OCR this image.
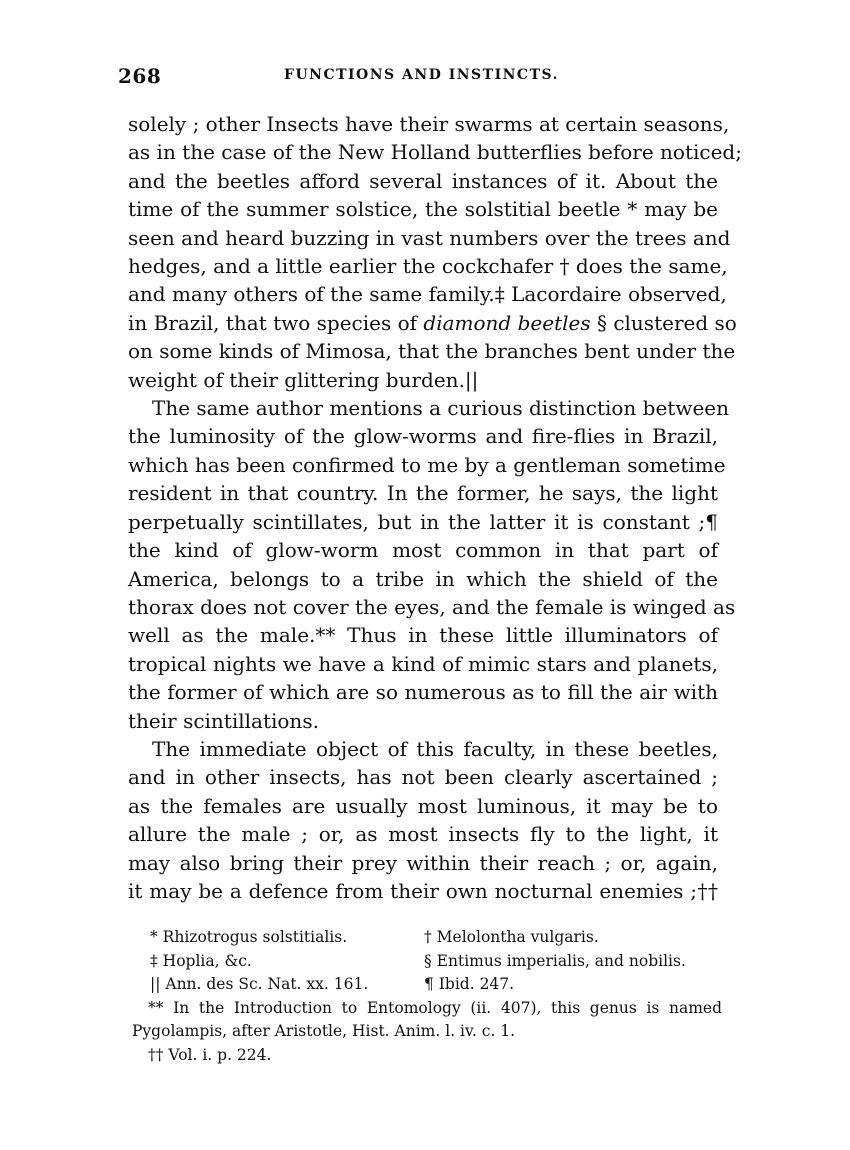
268	FUNCTIONS AND INSTINCTS.
solely ; other Insects have their swarms at certain seasons,
as in the case of the New Holland butterflies before noticed;
and the beetles afford several instances of it. About the
time of the summer solstice, the solstitial beetle * may be
seen and heard buzzing in vast numbers over the trees and
hedges, and a little earlier the cockchafer † does the same,
and many others of the same family.‡ Lacordaire observed,
in Brazil, that two species of diamond beetles § clustered so
on some kinds of Mimosa, that the branches bent under the
weight of their glittering burden.||
The same author mentions a curious distinction between
the luminosity of the glow-worms and fire-flies in Brazil,
which has been confirmed to me by a gentleman sometime
resident in that country. In the former, he says, the light
perpetually scintillates, but in the latter it is constant ;¶
the kind of glow-worm most common in that part of
America, belongs to a tribe in which the shield of the
thorax does not cover the eyes, and the female is winged as
well as the male.** Thus in these little illuminators of
tropical nights we have a kind of mimic stars and planets,
the former of which are so numerous as to fill the air with
their scintillations.
The immediate object of this faculty, in these beetles,
and in other insects, has not been clearly ascertained ;
as the females are usually most luminous, it may be to
allure the male ; or, as most insects fly to the light, it
may also bring their prey within their reach ; or, again,
it may be a defence from their own nocturnal enemies ;††
* Rhizotrogus solstitialis.	† Melolontha vulgaris.
‡ Hoplia, &c.	§ Entimus imperialis, and nobilis.
|| Ann. des Sc. Nat. xx. 161.	¶ Ibid. 247.
** In the Introduction to Entomology (ii. 407), this genus is named
Pygolampis, after Aristotle, Hist. Anim. l. iv. c. 1.
†† Vol. i. p. 224.
